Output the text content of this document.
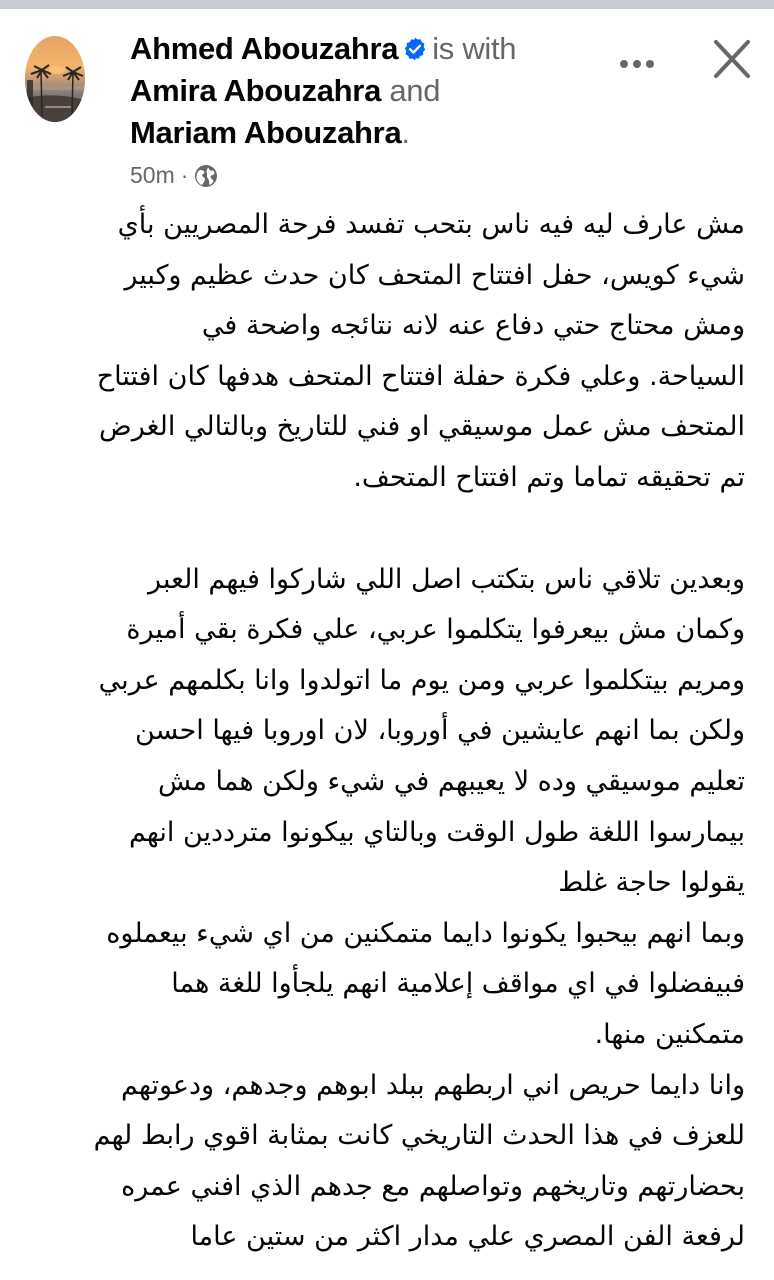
Ahmed Abouzahra is with
Amira Abouzahra and
Mariam Abouzahra.
50m ·

مش عارف ليه فيه ناس بتحب تفسد فرحة المصريين بأي
شيء كويس، حفل افتتاح المتحف كان حدث عظيم وكبير
ومش محتاج حتي دفاع عنه لانه نتائجه واضحة في
السياحة. وعلي فكرة حفلة افتتاح المتحف هدفها كان افتتاح
المتحف مش عمل موسيقي او فني للتاريخ وبالتالي الغرض
تم تحقيقه تماما وتم افتتاح المتحف.

وبعدين تلاقي ناس بتكتب اصل اللي شاركوا فيهم العبر
وكمان مش بيعرفوا يتكلموا عربي، علي فكرة بقي أميرة
ومريم بيتكلموا عربي ومن يوم ما اتولدوا وانا بكلمهم عربي
ولكن بما انهم عايشين في أوروبا، لان اوروبا فيها احسن
تعليم موسيقي وده لا يعيبهم في شيء ولكن هما مش
بيمارسوا اللغة طول الوقت وبالتاي بيكونوا مترددين انهم
يقولوا حاجة غلط
وبما انهم بيحبوا يكونوا دايما متمكنين من اي شيء بيعملوه
فبيفضلوا في اي مواقف إعلامية انهم يلجأوا للغة هما
متمكنين منها.
وانا دايما حريص اني اربطهم ببلد ابوهم وجدهم، ودعوتهم
للعزف في هذا الحدث التاريخي كانت بمثابة اقوي رابط لهم
بحضارتهم وتاريخهم وتواصلهم مع جدهم الذي افني عمره
لرفعة الفن المصري علي مدار اكثر من ستين عاما
